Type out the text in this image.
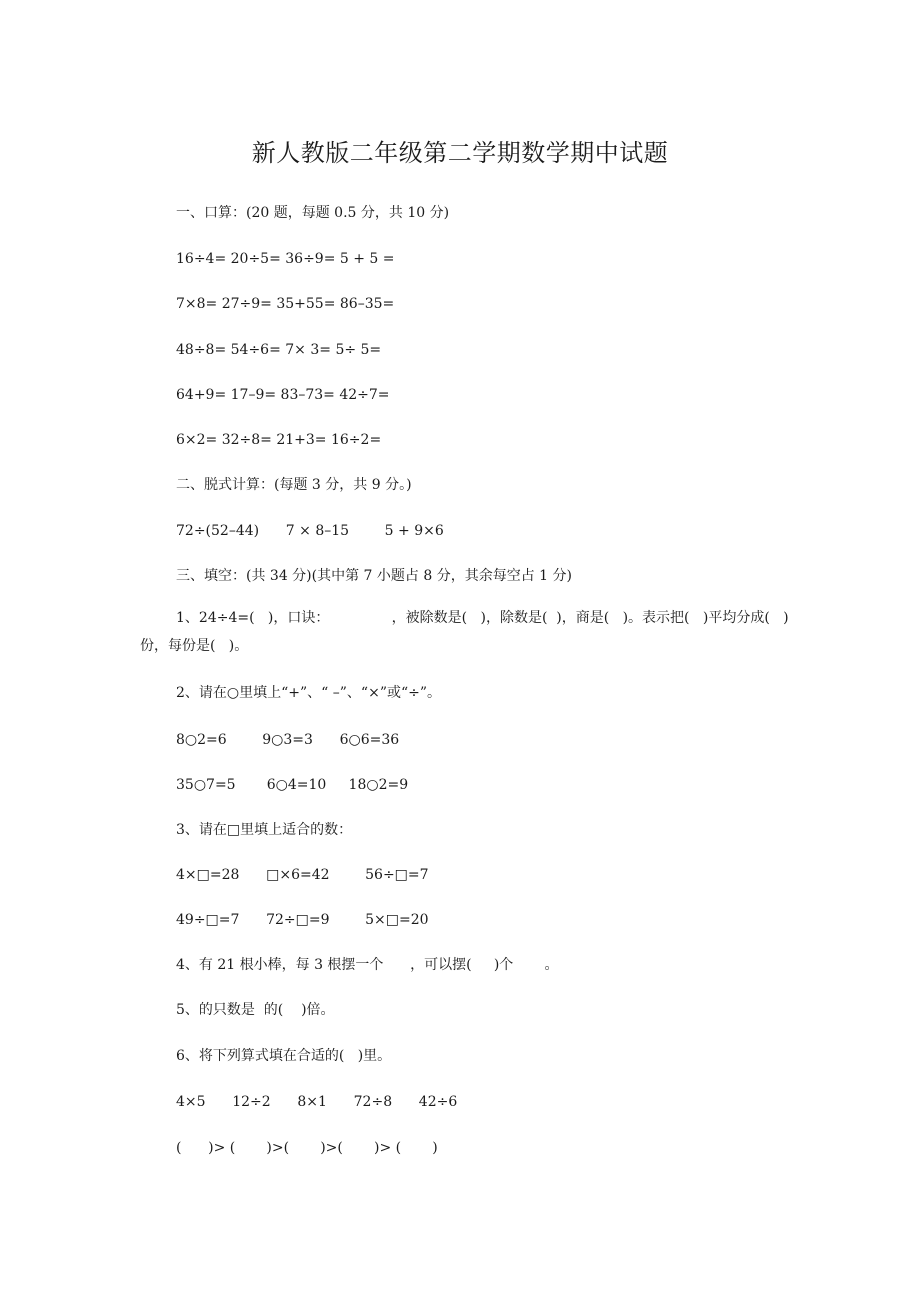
新人教版二年级第二学期数学期中试题
一、口算：(20 题，每题 0.5 分，共 10 分)
16÷4= 20÷5= 36÷9= 5 + 5 =
7×8= 27÷9= 35+55= 86–35=
48÷8= 54÷6= 7× 3= 5÷ 5=
64+9= 17–9= 83–73= 42÷7=
6×2= 32÷8= 21+3= 16÷2=
二、脱式计算：(每题 3 分，共 9 分。)
72÷(52–44)      7 × 8–15        5 + 9×6
三、填空：(共 34 分)(其中第 7 小题占 8 分，其余每空占 1 分)
1、24÷4=(   )，口诀：              ，被除数是(   )，除数是(  )，商是(   )。表示把(   )平均分成(   )份，每份是(   )。
2、请在○里填上“+”、“ –”、“×”或“÷”。
8○2=6        9○3=3      6○6=36
35○7=5       6○4=10     18○2=9
3、请在□里填上适合的数：
4×□=28      □×6=42        56÷□=7
49÷□=7      72÷□=9        5×□=20
4、有 21 根小棒，每 3 根摆一个      ，可以摆(     )个       。
5、的只数是  的(    )倍。
6、将下列算式填在合适的(   )里。
4×5      12÷2      8×1      72÷8      42÷6
(      )> (       )>(       )>(       )> (       )
